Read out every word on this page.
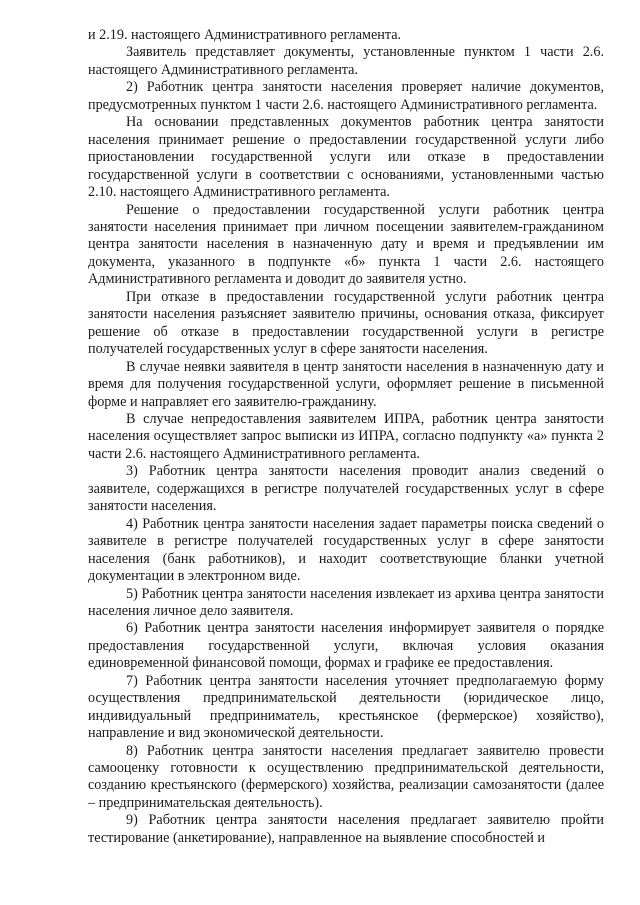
и 2.19. настоящего Административного регламента.

Заявитель представляет документы, установленные пунктом 1 части 2.6. настоящего Административного регламента.

2) Работник центра занятости населения проверяет наличие документов, предусмотренных пунктом 1 части 2.6. настоящего Административного регламента.

На основании представленных документов работник центра занятости населения принимает решение о предоставлении государственной услуги либо приостановлении государственной услуги или отказе в предоставлении государственной услуги в соответствии с основаниями, установленными частью 2.10. настоящего Административного регламента.

Решение о предоставлении государственной услуги работник центра занятости населения принимает при личном посещении заявителем-гражданином центра занятости населения в назначенную дату и время и предъявлении им документа, указанного в подпункте «б» пункта 1 части 2.6. настоящего Административного регламента и доводит до заявителя устно.

При отказе в предоставлении государственной услуги работник центра занятости населения разъясняет заявителю причины, основания отказа, фиксирует решение об отказе в предоставлении государственной услуги в регистре получателей государственных услуг в сфере занятости населения.

В случае неявки заявителя в центр занятости населения в назначенную дату и время для получения государственной услуги, оформляет решение в письменной форме и направляет его заявителю-гражданину.

В случае непредоставления заявителем ИПРА, работник центра занятости населения осуществляет запрос выписки из ИПРА, согласно подпункту «а» пункта 2 части 2.6. настоящего Административного регламента.

3) Работник центра занятости населения проводит анализ сведений о заявителе, содержащихся в регистре получателей государственных услуг в сфере занятости населения.

4) Работник центра занятости населения задает параметры поиска сведений о заявителе в регистре получателей государственных услуг в сфере занятости населения (банк работников), и находит соответствующие бланки учетной документации в электронном виде.

5) Работник центра занятости населения извлекает из архива центра занятости населения личное дело заявителя.

6) Работник центра занятости населения информирует заявителя о порядке предоставления государственной услуги, включая условия оказания единовременной финансовой помощи, формах и графике ее предоставления.

7) Работник центра занятости населения уточняет предполагаемую форму осуществления предпринимательской деятельности (юридическое лицо, индивидуальный предприниматель, крестьянское (фермерское) хозяйство), направление и вид экономической деятельности.

8) Работник центра занятости населения предлагает заявителю провести самооценку готовности к осуществлению предпринимательской деятельности, созданию крестьянского (фермерского) хозяйства, реализации самозанятости (далее – предпринимательская деятельность).

9) Работник центра занятости населения предлагает заявителю пройти тестирование (анкетирование), направленное на выявление способностей и
